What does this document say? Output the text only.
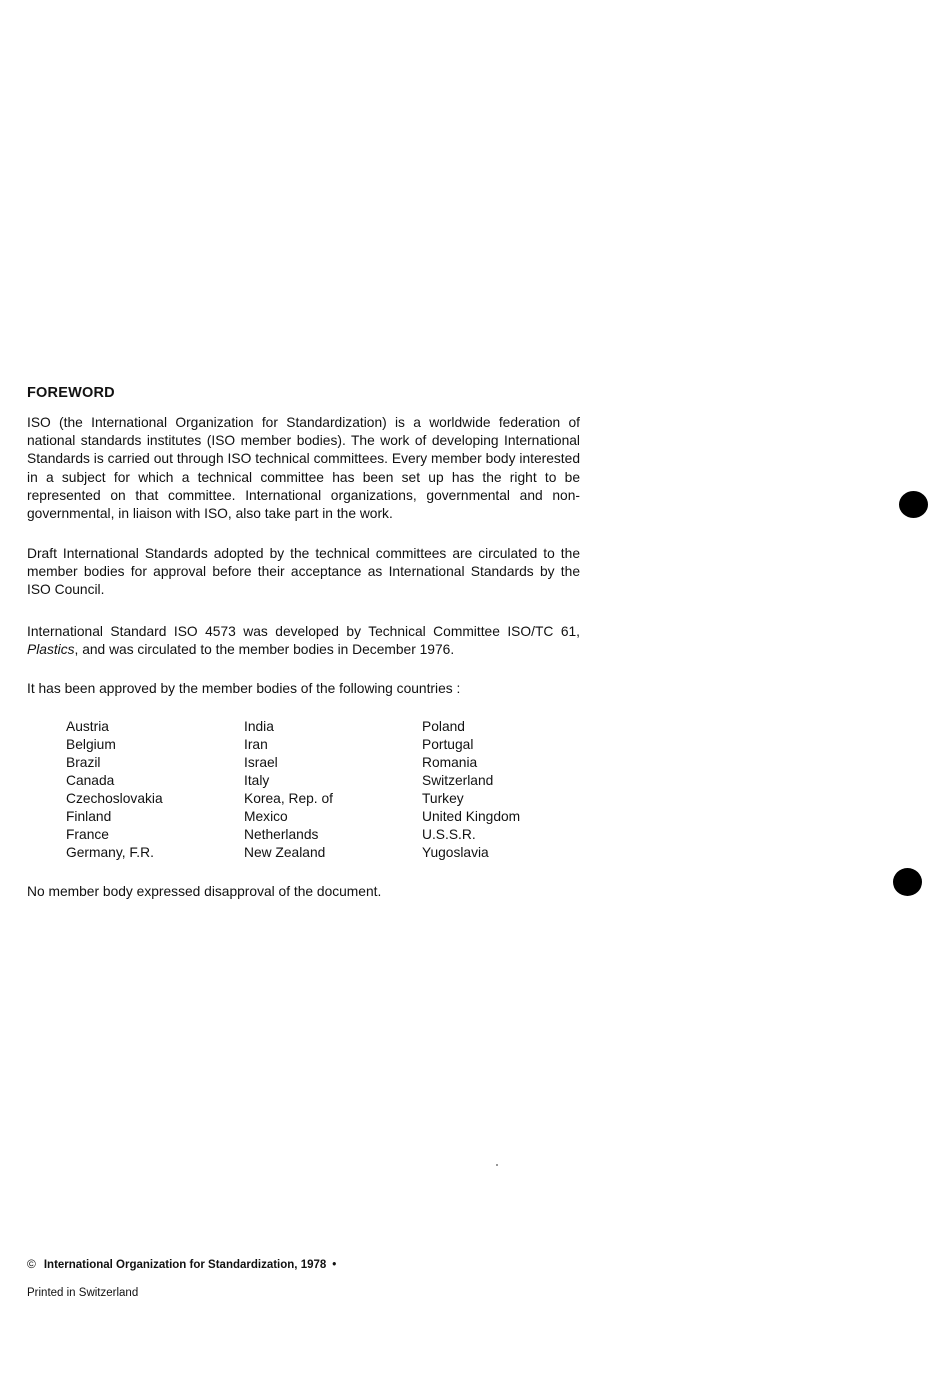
FOREWORD

ISO (the International Organization for Standardization) is a worldwide federation of national standards institutes (ISO member bodies). The work of developing International Standards is carried out through ISO technical committees. Every member body interested in a subject for which a technical committee has been set up has the right to be represented on that committee. International organizations, governmental and non-governmental, in liaison with ISO, also take part in the work.

Draft International Standards adopted by the technical committees are circulated to the member bodies for approval before their acceptance as International Standards by the ISO Council.

International Standard ISO 4573 was developed by Technical Committee ISO/TC 61, Plastics, and was circulated to the member bodies in December 1976.

It has been approved by the member bodies of the following countries :

Austria
Belgium
Brazil
Canada
Czechoslovakia
Finland
France
Germany, F.R.
India
Iran
Israel
Italy
Korea, Rep. of
Mexico
Netherlands
New Zealand
Poland
Portugal
Romania
Switzerland
Turkey
United Kingdom
U.S.S.R.
Yugoslavia

No member body expressed disapproval of the document.

© International Organization for Standardization, 1978 •
Printed in Switzerland
